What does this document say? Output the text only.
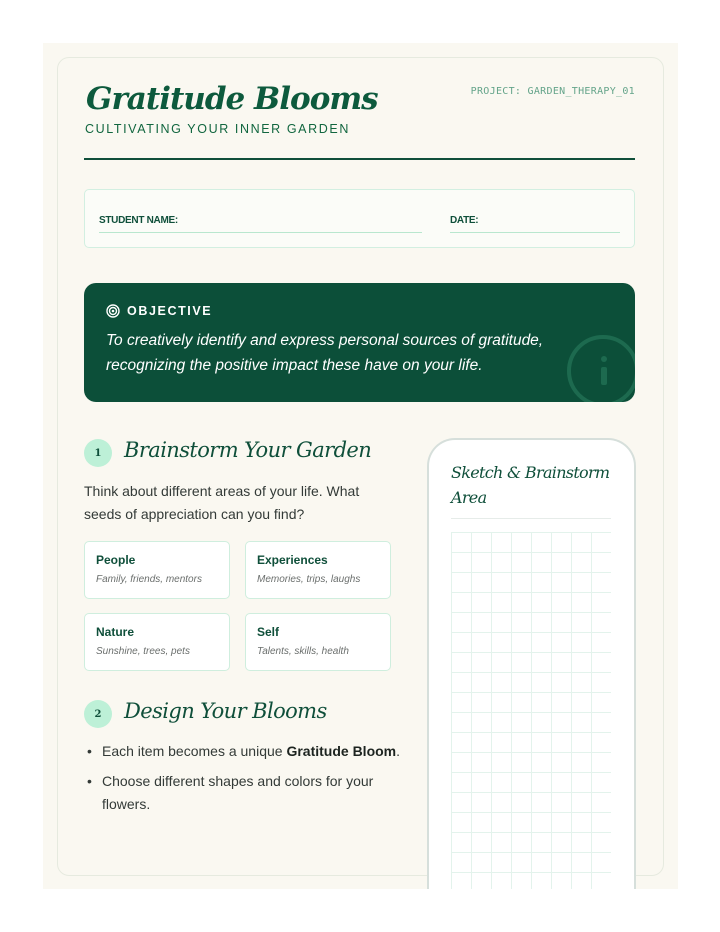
Gratitude Blooms
CULTIVATING YOUR INNER GARDEN
PROJECT: GARDEN_THERAPY_01
STUDENT NAME:	DATE:
OBJECTIVE

To creatively identify and express personal sources of gratitude, recognizing the positive impact these have on your life.

1	Brainstorm Your Garden

Think about different areas of your life. What seeds of appreciation can you find?

People
Family, friends, mentors
Experiences
Memories, trips, laughs
Nature
Sunshine, trees, pets
Self
Talents, skills, health
2	Design Your Blooms
• Each item becomes a unique Gratitude Bloom.
• Choose different shapes and colors for your flowers.
Sketch & Brainstorm Area
